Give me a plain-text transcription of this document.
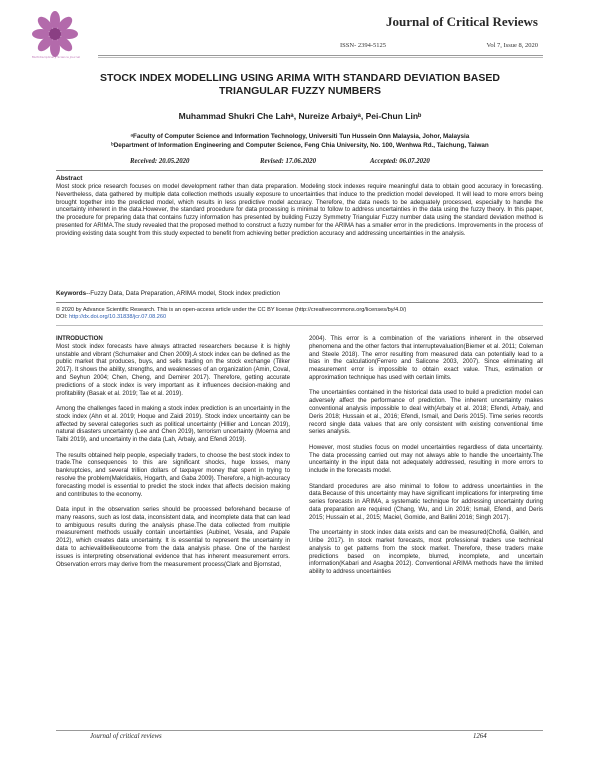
Multidisciplinary Science Journal
Journal of Critical Reviews
ISSN- 2394-5125	Vol 7, Issue 8, 2020
STOCK INDEX MODELLING USING ARIMA WITH STANDARD DEVIATION BASED TRIANGULAR FUZZY NUMBERS
Muhammad Shukri Che Lahᵃ, Nureize Arbaiyᵃ, Pei-Chun Linᵇ
ᵃFaculty of Computer Science and Information Technology, Universiti Tun Hussein Onn Malaysia, Johor, Malaysia
ᵇDepartment of Information Engineering and Computer Science, Feng Chia University, No. 100, Wenhwa Rd., Taichung, Taiwan
Received: 20.05.2020	Revised: 17.06.2020	Accepted: 06.07.2020
Abstract
Most stock price research focuses on model development rather than data preparation. Modeling stock indexes require meaningful data to obtain good accuracy in forecasting. Nevertheless, data gathered by multiple data collection methods usually exposure to uncertainties that induce to the prediction model developed. It will lead to more errors being brought together into the predicted model, which results in less predictive model accuracy. Therefore, the data needs to be adequately processed, especially to handle the uncertainty inherent in the data.However, the standard procedure for data processing is minimal to follow to address uncertainties in the data using the fuzzy theory. In this paper, the procedure for preparing data that contains fuzzy information has presented by building Fuzzy Symmetry Triangular Fuzzy number data using the standard deviation method is presented for ARIMA.The study revealed that the proposed method to construct a fuzzy number for the ARIMA has a smaller error in the predictions. Improvements in the process of providing existing data sought from this study expected to benefit from achieving better prediction accuracy and addressing uncertainties in the analysis.
Keywords--Fuzzy Data, Data Preparation, ARIMA model, Stock index prediction
© 2020 by Advance Scientific Research. This is an open-access article under the CC BY license (http://creativecommons.org/licenses/by/4.0/)
DOI: http://dx.doi.org/10.31838/jcr.07.08.260
INTRODUCTION

Most stock index forecasts have always attracted researchers because it is highly unstable and vibrant (Schumaker and Chen 2009).A stock index can be defined as the public market that produces, buys, and sells trading on the stock exchange (Tilker 2017). It shows the ability, strengths, and weaknesses of an organization (Amin, Coval, and Seyhun 2004; Chen, Cheng, and Demirer 2017). Therefore, getting accurate predictions of a stock index is very important as it influences decision-making and profitability (Basak et al. 2019; Tae et al. 2019).

Among the challenges faced in making a stock index prediction is an uncertainty in the stock index (Ahn et al. 2019; Hoque and Zaidi 2019). Stock index uncertainty can be affected by several categories such as political uncertainty (Hillier and Loncan 2019), natural disasters uncertainty (Lee and Chen 2019), terrorism uncertainty (Moerna and Talbi 2019), and uncertainty in the data (Lah, Arbaiy, and Efendi 2019).

The results obtained help people, especially traders, to choose the best stock index to trade.The consequences to this are significant shocks, huge losses, many bankruptcies, and several trillion dollars of taxpayer money that spent in trying to resolve the problem(Makridakis, Hogarth, and Gaba 2009). Therefore, a high-accuracy forecasting model is essential to predict the stock index that affects decision making and contributes to the economy.

Data input in the observation series should be processed beforehand because of many reasons, such as lost data, inconsistent data, and incomplete data that can lead to ambiguous results during the analysis phase.The data collected from multiple measurement methods usually contain uncertainties (Aubinet, Vesala, and Papale 2012), which creates data uncertainty. It is essential to represent the uncertainty in data to achievalitlelikeoutcome from the data analysis phase. One of the hardest issues is interpreting observational evidence that has inherent measurement errors. Observation errors may derive from the measurement process(Clark and Bjornstad,

2004). This error is a combination of the variations inherent in the observed phenomena and the other factors that interruptevaluation(Biemer et al. 2011; Coleman and Steele 2018). The error resulting from measured data can potentially lead to a bias in the calculation(Ferrero and Salicone 2003, 2007). Since eliminating all measurement error is impossible to obtain exact value. Thus, estimation or approximation technique has used with certain limits.

The uncertainties contained in the historical data used to build a prediction model can adversely affect the performance of prediction. The inherent uncertainty makes conventional analysis impossible to deal with(Arbaiy et al. 2018; Efendi, Arbaiy, and Deris 2018; Hussain et al., 2016; Efendi, Ismail, and Deris 2015). Time series records record single data values that are only consistent with existing conventional time series analysis.

However, most studies focus on model uncertainties regardless of data uncertainty. The data processing carried out may not always able to handle the uncertainty.The uncertainty in the input data not adequately addressed, resulting in more errors to include in the forecasts model.

Standard procedures are also minimal to follow to address uncertainties in the data.Because of this uncertainty may have significant implications for interpreting time series forecasts in ARIMA, a systematic technique for addressing uncertainty during data preparation are required (Chang, Wu, and Lin 2016; Ismail, Efendi, and Deris 2015; Hussain et al., 2015; Maciel, Gomide, and Ballini 2016; Singh 2017).

The uncertainty in stock index data exists and can be measured(Chofiá, Gaillén, and Uribe 2017). In stock market forecasts, most professional traders use technical analysis to get patterns from the stock market. Therefore, these traders make predictions based on incomplete, blurred, incomplete, and uncertain information(Kabari and Asagba 2012). Conventional ARIMA methods have the limited ability to address uncertainties

Journal of critical reviews	1264
